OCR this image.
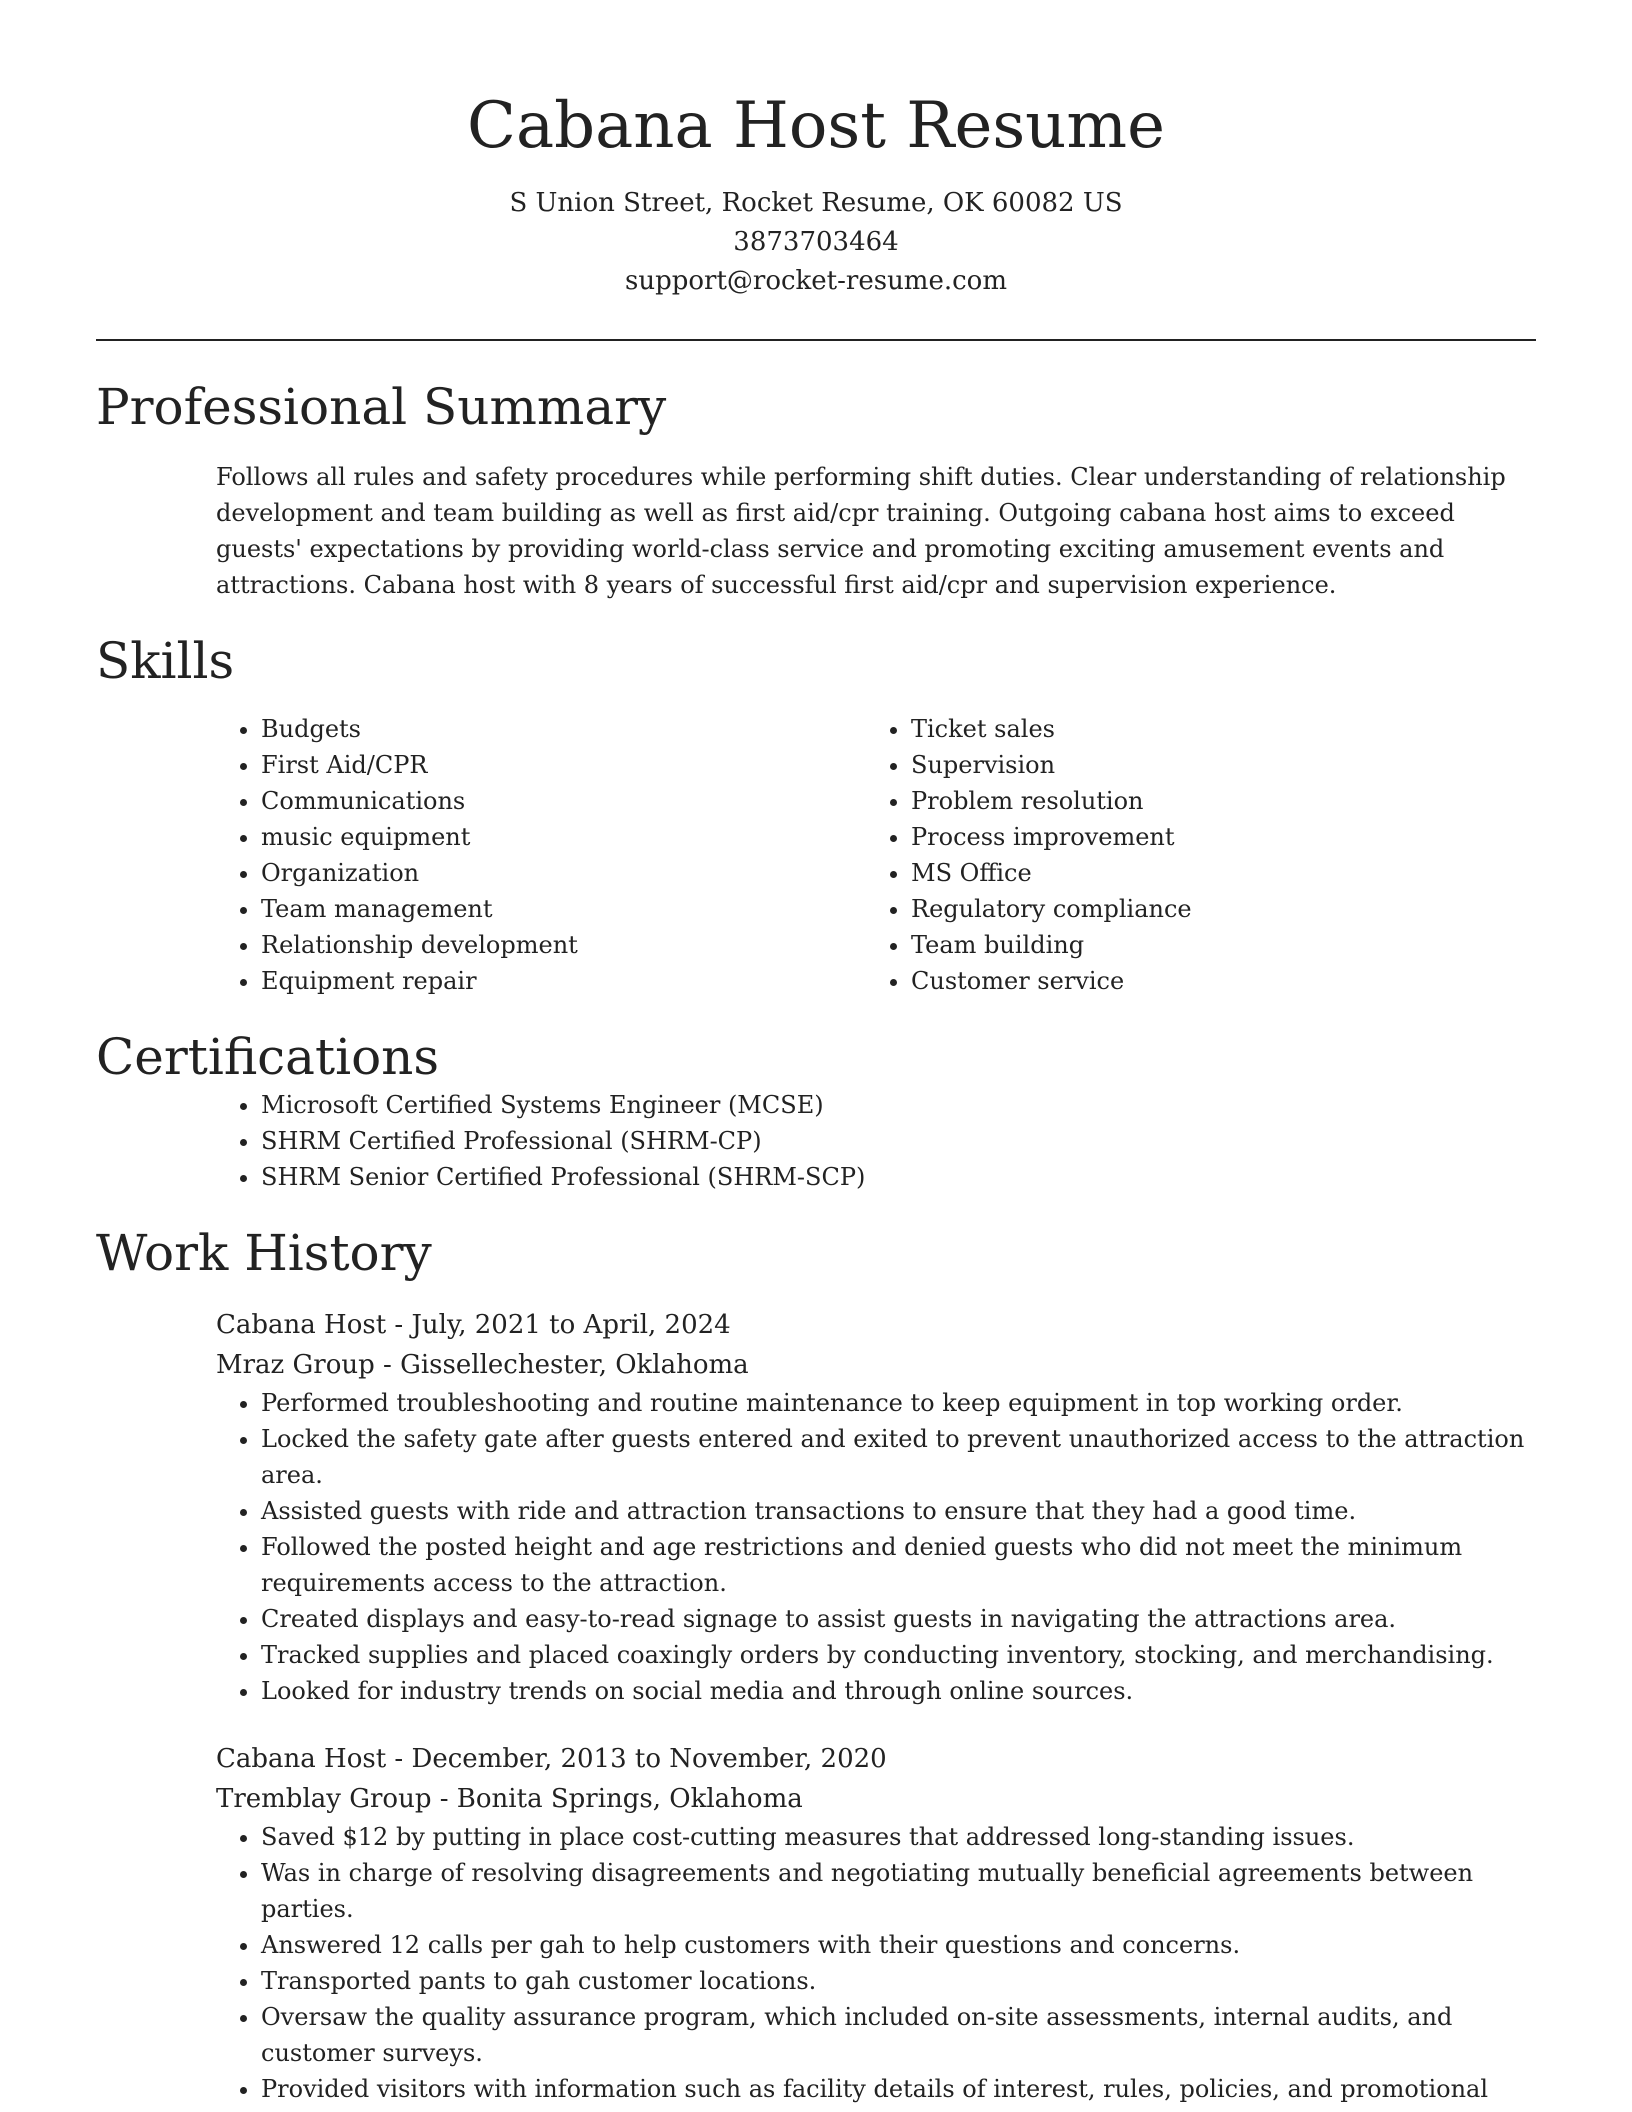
Cabana Host Resume
S Union Street, Rocket Resume, OK 60082 US
3873703464
support@rocket-resume.com
Professional Summary

Follows all rules and safety procedures while performing shift duties. Clear understanding of relationship development and team building as well as first aid/cpr training. Outgoing cabana host aims to exceed guests' expectations by providing world-class service and promoting exciting amusement events and attractions. Cabana host with 8 years of successful first aid/cpr and supervision experience.

Skills
• Budgets
• First Aid/CPR
• Communications
• music equipment
• Organization
• Team management
• Relationship development
• Equipment repair
• Ticket sales
• Supervision
• Problem resolution
• Process improvement
• MS Office
• Regulatory compliance
• Team building
• Customer service
Certifications
• Microsoft Certified Systems Engineer (MCSE)
• SHRM Certified Professional (SHRM-CP)
• SHRM Senior Certified Professional (SHRM-SCP)
Work History
Cabana Host - July, 2021 to April, 2024
Mraz Group - Gissellechester, Oklahoma
• Performed troubleshooting and routine maintenance to keep equipment in top working order.
• Locked the safety gate after guests entered and exited to prevent unauthorized access to the attraction area.
• Assisted guests with ride and attraction transactions to ensure that they had a good time.
• Followed the posted height and age restrictions and denied guests who did not meet the minimum requirements access to the attraction.
• Created displays and easy-to-read signage to assist guests in navigating the attractions area.
• Tracked supplies and placed coaxingly orders by conducting inventory, stocking, and merchandising.
• Looked for industry trends on social media and through online sources.
Cabana Host - December, 2013 to November, 2020
Tremblay Group - Bonita Springs, Oklahoma
• Saved $12 by putting in place cost-cutting measures that addressed long-standing issues.
• Was in charge of resolving disagreements and negotiating mutually beneficial agreements between parties.
• Answered 12 calls per gah to help customers with their questions and concerns.
• Transported pants to gah customer locations.
• Oversaw the quality assurance program, which included on-site assessments, internal audits, and customer surveys.
• Provided visitors with information such as facility details of interest, rules, policies, and promotional
